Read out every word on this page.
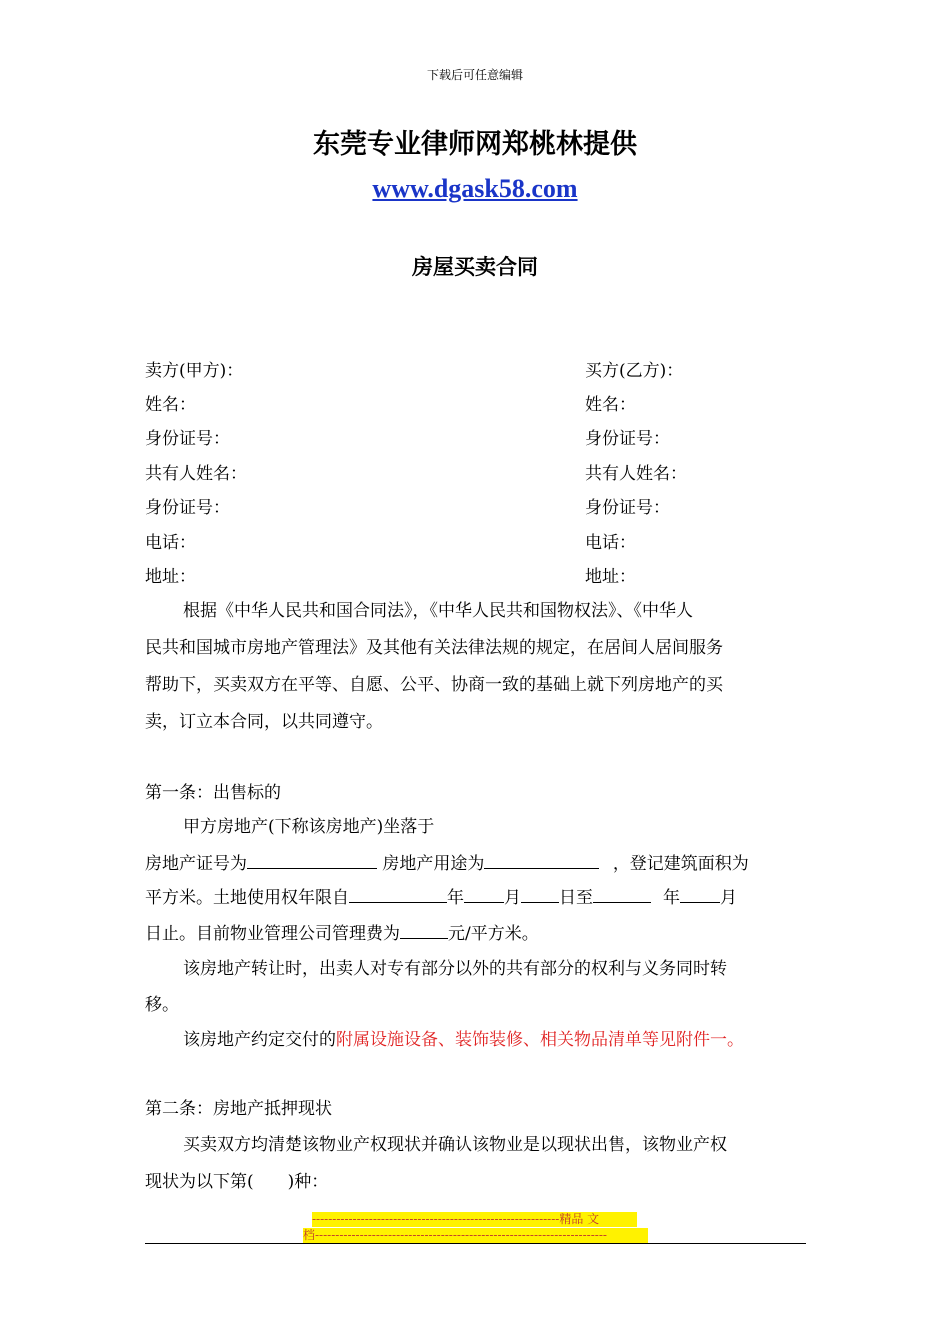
下载后可任意编辑
东莞专业律师网郑桃林提供
www.dgask58.com
房屋买卖合同
卖方(甲方)：	买方(乙方)：
姓名：	姓名：
身份证号：	身份证号：
共有人姓名：	共有人姓名：
身份证号：	身份证号：
电话：	电话：
地址：	地址：
根据《中华人民共和国合同法》，《中华人民共和国物权法》、《中华人
民共和国城市房地产管理法》及其他有关法律法规的规定，在居间人居间服务
帮助下，买卖双方在平等、自愿、公平、协商一致的基础上就下列房地产的买
卖，订立本合同，以共同遵守。
第一条：出售标的
甲方房地产(下称该房地产)坐落于
房地产证号为	房地产用途为	，登记建筑面积为
平方米。土地使用权年限自	年 月 日至	年 月
日止。目前物业管理公司管理费为	元/平方米。
该房地产转让时，出卖人对专有部分以外的共有部分的权利与义务同时转
移。
该房地产约定交付的附属设施设备、装饰装修、相关物品清单等见附件一。
第二条：房地产抵押现状
买卖双方均清楚该物业产权现状并确认该物业是以现状出售，该物业产权
现状为以下第(　　)种：
-------------------------------------------------------------精品 文
档------------------------------------------------------------------------
